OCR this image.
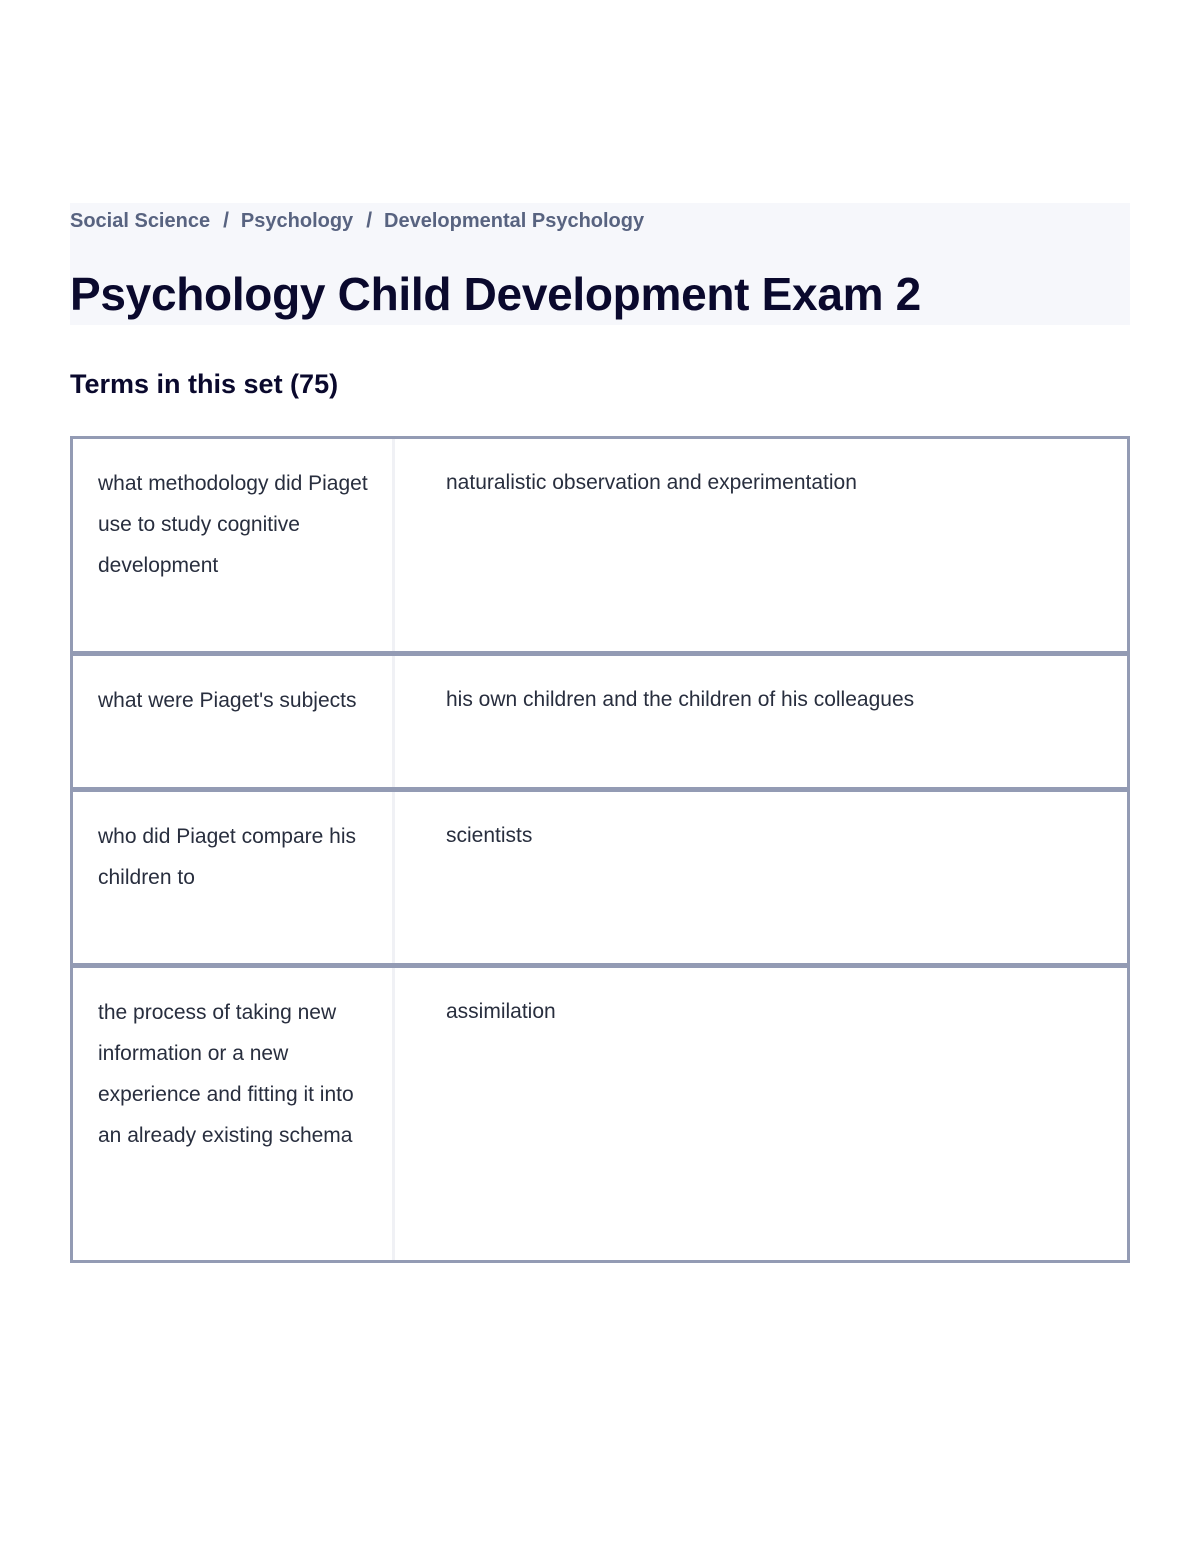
Social Science / Psychology / Developmental Psychology
Psychology Child Development Exam 2
Terms in this set (75)

what methodology did Piaget use to study cognitive development

naturalistic observation and experimentation

what were Piaget's subjects	his own children and the children of his colleagues

who did Piaget compare his children to

scientists

the process of taking new information or a new experience and fitting it into an already existing schema

assimilation
